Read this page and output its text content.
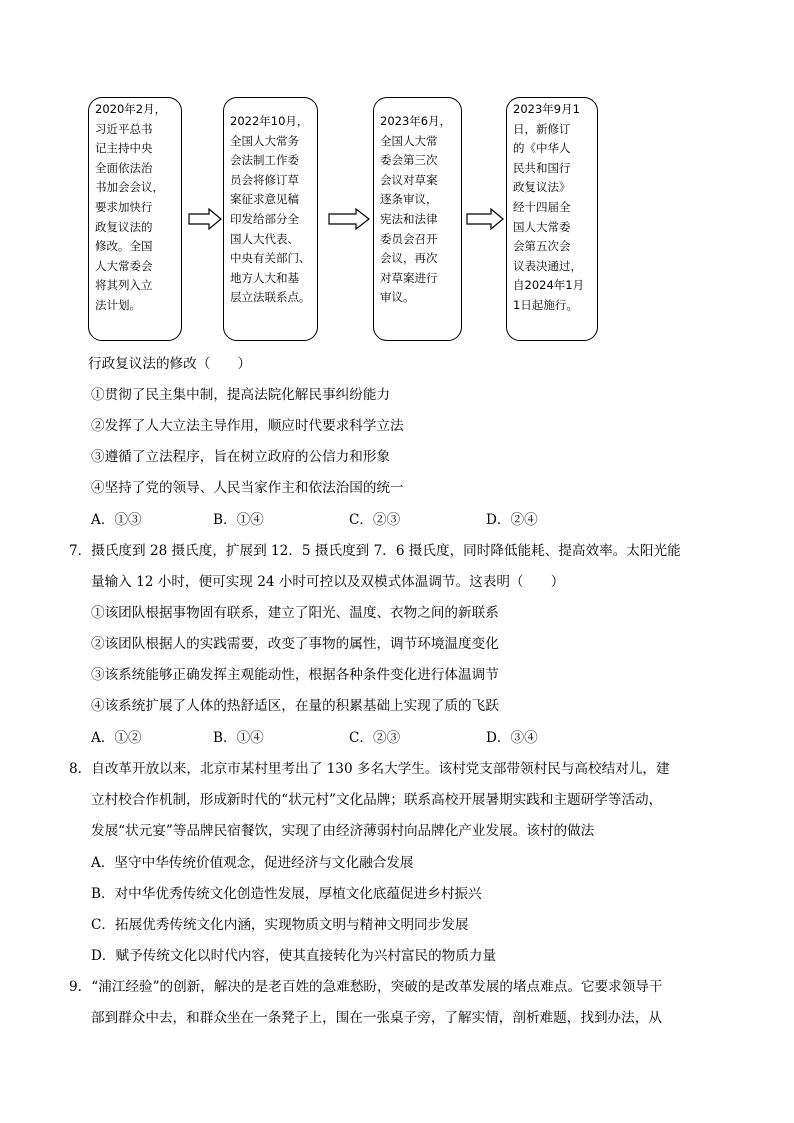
2020年2月，
习近平总书
记主持中央
全面依法治
书加会会议，
要求加快行
政复议法的
修改。全国
人大常委会
将其列入立
法计划。
2022年10月，
全国人大常务
会法制工作委
员会将修订草
案征求意见稿
印发给部分全
国人大代表、
中央有关部门、
地方人大和基
层立法联系点。
2023年6月，
全国人大常
委会第三次
会议对草案
逐条审议，
宪法和法律
委员会召开
会议，再次
对草案进行
审议。
2023年9月1
日，新修订
的《中华人
民共和国行
政复议法》
经十四届全
国人大常委
会第五次会
议表决通过，
自2024年1月
1日起施行。
行政复议法的修改（　　）
①贯彻了民主集中制，提高法院化解民事纠纷能力
②发挥了人大立法主导作用，顺应时代要求科学立法
③遵循了立法程序，旨在树立政府的公信力和形象
④坚持了党的领导、人民当家作主和依法治国的统一
A．①③	B．①④	C．②③	D．②④
7．摄氏度到 28 摄氏度，扩展到 12．5 摄氏度到 7．6 摄氏度，同时降低能耗、提高效率。太阳光能
量输入 12 小时，便可实现 24 小时可控以及双模式体温调节。这表明（　　）
①该团队根据事物固有联系，建立了阳光、温度、衣物之间的新联系
②该团队根据人的实践需要，改变了事物的属性，调节环境温度变化
③该系统能够正确发挥主观能动性，根据各种条件变化进行体温调节
④该系统扩展了人体的热舒适区，在量的积累基础上实现了质的飞跃
A．①②	B．①④	C．②③	D．③④
8．自改革开放以来，北京市某村里考出了 130 多名大学生。该村党支部带领村民与高校结对儿，建
立村校合作机制，形成新时代的“状元村”文化品牌；联系高校开展暑期实践和主题研学等活动，
发展“状元宴”等品牌民宿餐饮，实现了由经济薄弱村向品牌化产业发展。该村的做法
A．坚守中华传统价值观念，促进经济与文化融合发展
B．对中华优秀传统文化创造性发展，厚植文化底蕴促进乡村振兴
C．拓展优秀传统文化内涵，实现物质文明与精神文明同步发展
D．赋予传统文化以时代内容，使其直接转化为兴村富民的物质力量
9．“浦江经验”的创新，解决的是老百姓的急难愁盼，突破的是改革发展的堵点难点。它要求领导干
部到群众中去，和群众坐在一条凳子上，围在一张桌子旁，了解实情，剖析难题，找到办法，从
